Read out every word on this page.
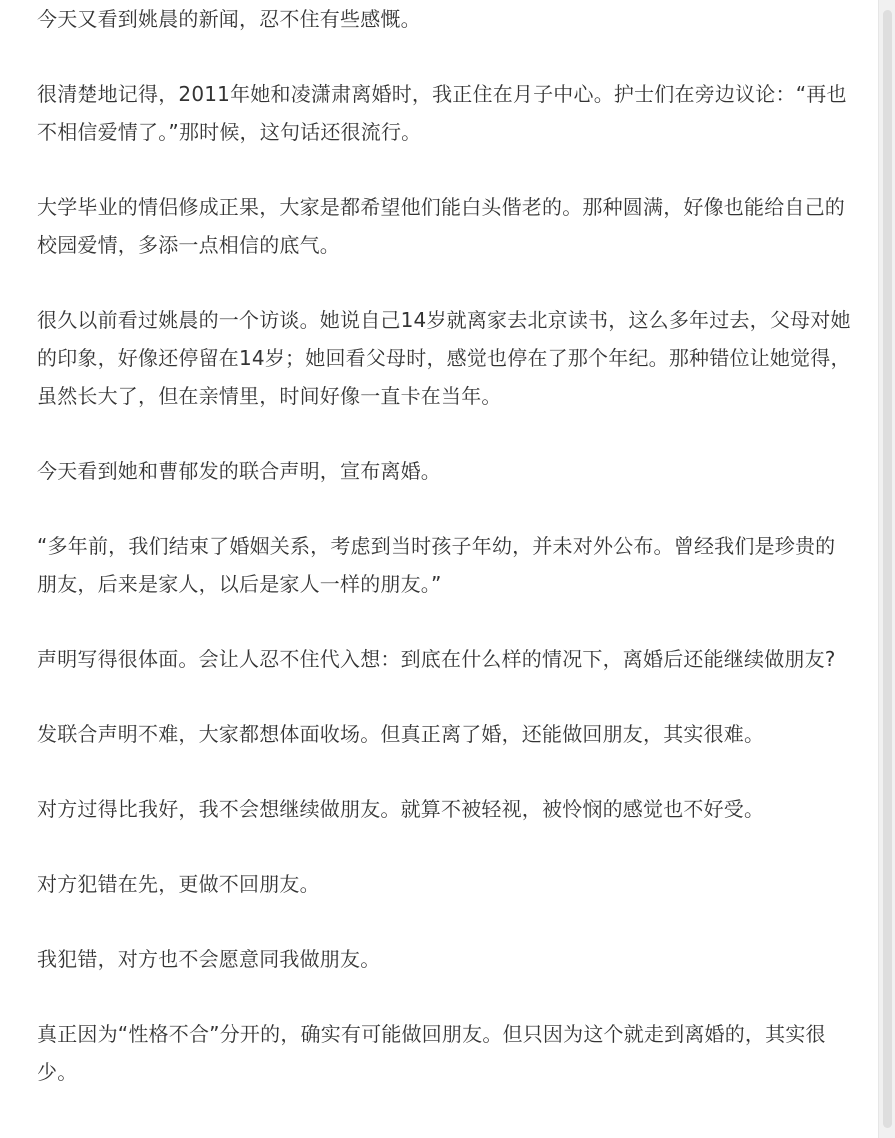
今天又看到姚晨的新闻，忍不住有些感慨。

很清楚地记得，2011年她和凌潇肃离婚时，我正住在月子中心。护士们在旁边议论：“再也不相信爱情了。”那时候，这句话还很流行。

大学毕业的情侣修成正果，大家是都希望他们能白头偕老的。那种圆满，好像也能给自己的校园爱情，多添一点相信的底气。

很久以前看过姚晨的一个访谈。她说自己14岁就离家去北京读书，这么多年过去，父母对她的印象，好像还停留在14岁；她回看父母时，感觉也停在了那个年纪。那种错位让她觉得，虽然长大了，但在亲情里，时间好像一直卡在当年。

今天看到她和曹郁发的联合声明，宣布离婚。

“多年前，我们结束了婚姻关系，考虑到当时孩子年幼，并未对外公布。曾经我们是珍贵的朋友，后来是家人，以后是家人一样的朋友。”

声明写得很体面。会让人忍不住代入想：到底在什么样的情况下，离婚后还能继续做朋友?

发联合声明不难，大家都想体面收场。但真正离了婚，还能做回朋友，其实很难。

对方过得比我好，我不会想继续做朋友。就算不被轻视，被怜悯的感觉也不好受。

对方犯错在先，更做不回朋友。

我犯错，对方也不会愿意同我做朋友。

真正因为“性格不合”分开的，确实有可能做回朋友。但只因为这个就走到离婚的，其实很少。
